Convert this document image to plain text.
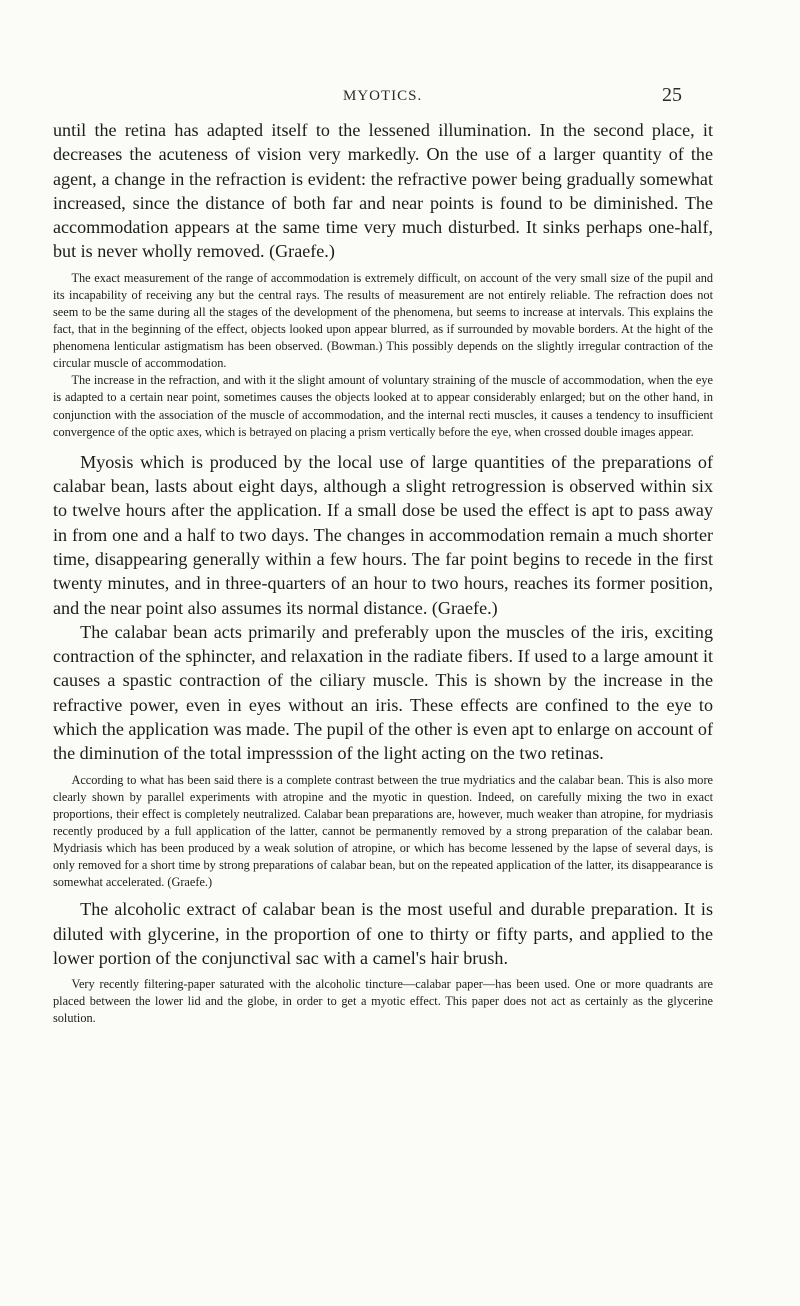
MYOTICS.	25

until the retina has adapted itself to the lessened illumination. In the second place, it decreases the acuteness of vision very markedly. On the use of a larger quantity of the agent, a change in the refraction is evident: the refractive power being gradually somewhat increased, since the distance of both far and near points is found to be diminished. The accommodation appears at the same time very much disturbed. It sinks perhaps one-half, but is never wholly removed. (Graefe.)

The exact measurement of the range of accommodation is extremely difficult, on account of the very small size of the pupil and its incapability of receiving any but the central rays. The results of measurement are not entirely reliable. The refraction does not seem to be the same during all the stages of the development of the phenomena, but seems to increase at intervals. This explains the fact, that in the beginning of the effect, objects looked upon appear blurred, as if surrounded by movable borders. At the hight of the phenomena lenticular astigmatism has been observed. (Bowman.) This possibly depends on the slightly irregular contraction of the circular muscle of accommodation.

The increase in the refraction, and with it the slight amount of voluntary straining of the muscle of accommodation, when the eye is adapted to a certain near point, sometimes causes the objects looked at to appear considerably enlarged; but on the other hand, in conjunction with the association of the muscle of accommodation, and the internal recti muscles, it causes a tendency to insufficient convergence of the optic axes, which is betrayed on placing a prism vertically before the eye, when crossed double images appear.

Myosis which is produced by the local use of large quantities of the preparations of calabar bean, lasts about eight days, although a slight retrogression is observed within six to twelve hours after the application. If a small dose be used the effect is apt to pass away in from one and a half to two days. The changes in accommodation remain a much shorter time, disappearing generally within a few hours. The far point begins to recede in the first twenty minutes, and in three-quarters of an hour to two hours, reaches its former position, and the near point also assumes its normal distance. (Graefe.)

The calabar bean acts primarily and preferably upon the muscles of the iris, exciting contraction of the sphincter, and relaxation in the radiate fibers. If used to a large amount it causes a spastic contraction of the ciliary muscle. This is shown by the increase in the refractive power, even in eyes without an iris. These effects are confined to the eye to which the application was made. The pupil of the other is even apt to enlarge on account of the diminution of the total impresssion of the light acting on the two retinas.

According to what has been said there is a complete contrast between the true mydriatics and the calabar bean. This is also more clearly shown by parallel experiments with atropine and the myotic in question. Indeed, on carefully mixing the two in exact proportions, their effect is completely neutralized. Calabar bean preparations are, however, much weaker than atropine, for mydriasis recently produced by a full application of the latter, cannot be permanently removed by a strong preparation of the calabar bean. Mydriasis which has been produced by a weak solution of atropine, or which has become lessened by the lapse of several days, is only removed for a short time by strong preparations of calabar bean, but on the repeated application of the latter, its disappearance is somewhat accelerated. (Graefe.)

The alcoholic extract of calabar bean is the most useful and durable preparation. It is diluted with glycerine, in the proportion of one to thirty or fifty parts, and applied to the lower portion of the conjunctival sac with a camel's hair brush.

Very recently filtering-paper saturated with the alcoholic tincture—calabar paper—has been used. One or more quadrants are placed between the lower lid and the globe, in order to get a myotic effect. This paper does not act as certainly as the glycerine solution.
